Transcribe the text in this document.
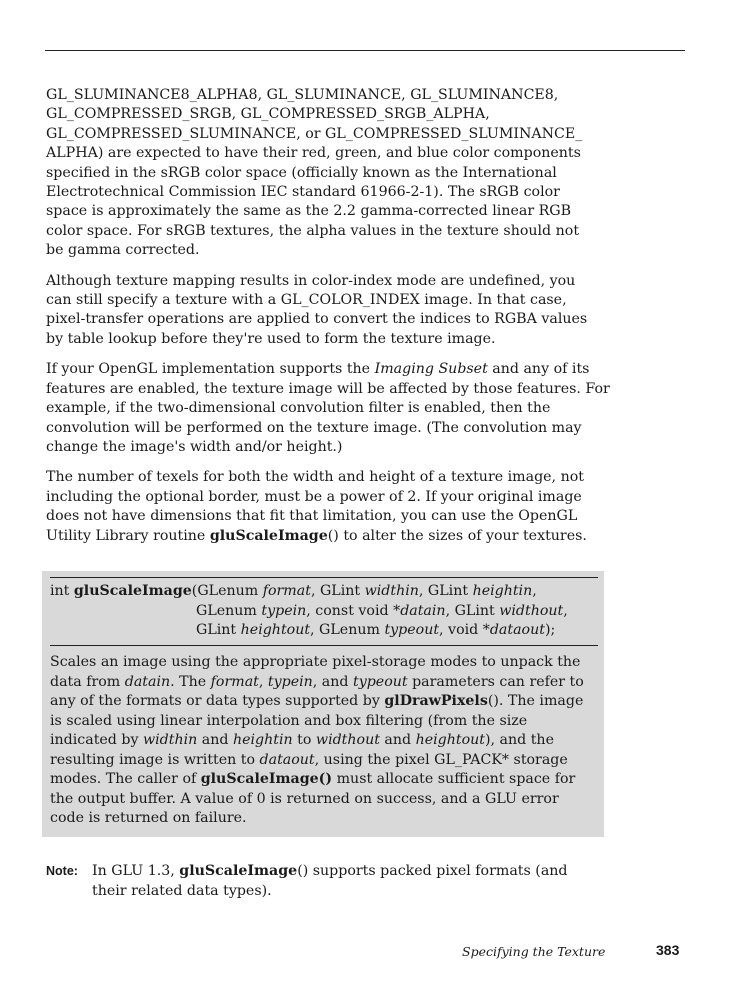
GL_SLUMINANCE8_ALPHA8, GL_SLUMINANCE, GL_SLUMINANCE8,
GL_COMPRESSED_SRGB, GL_COMPRESSED_SRGB_ALPHA,
GL_COMPRESSED_SLUMINANCE, or GL_COMPRESSED_SLUMINANCE_
ALPHA) are expected to have their red, green, and blue color components
specified in the sRGB color space (officially known as the International
Electrotechnical Commission IEC standard 61966-2-1). The sRGB color
space is approximately the same as the 2.2 gamma-corrected linear RGB
color space. For sRGB textures, the alpha values in the texture should not
be gamma corrected.

Although texture mapping results in color-index mode are undefined, you
can still specify a texture with a GL_COLOR_INDEX image. In that case,
pixel-transfer operations are applied to convert the indices to RGBA values
by table lookup before they're used to form the texture image.

If your OpenGL implementation supports the Imaging Subset and any of its
features are enabled, the texture image will be affected by those features. For
example, if the two-dimensional convolution filter is enabled, then the
convolution will be performed on the texture image. (The convolution may
change the image's width and/or height.)

The number of texels for both the width and height of a texture image, not
including the optional border, must be a power of 2. If your original image
does not have dimensions that fit that limitation, you can use the OpenGL
Utility Library routine gluScaleImage() to alter the sizes of your textures.

int gluScaleImage(GLenum format, GLint widthin, GLint heightin,
GLenum typein, const void *datain, GLint widthout,
GLint heightout, GLenum typeout, void *dataout);
Scales an image using the appropriate pixel-storage modes to unpack the
data from datain. The format, typein, and typeout parameters can refer to
any of the formats or data types supported by glDrawPixels(). The image
is scaled using linear interpolation and box filtering (from the size
indicated by widthin and heightin to widthout and heightout), and the
resulting image is written to dataout, using the pixel GL_PACK* storage
modes. The caller of gluScaleImage() must allocate sufficient space for
the output buffer. A value of 0 is returned on success, and a GLU error
code is returned on failure.
Note: In GLU 1.3, gluScaleImage() supports packed pixel formats (and
their related data types).
Specifying the Texture	383
